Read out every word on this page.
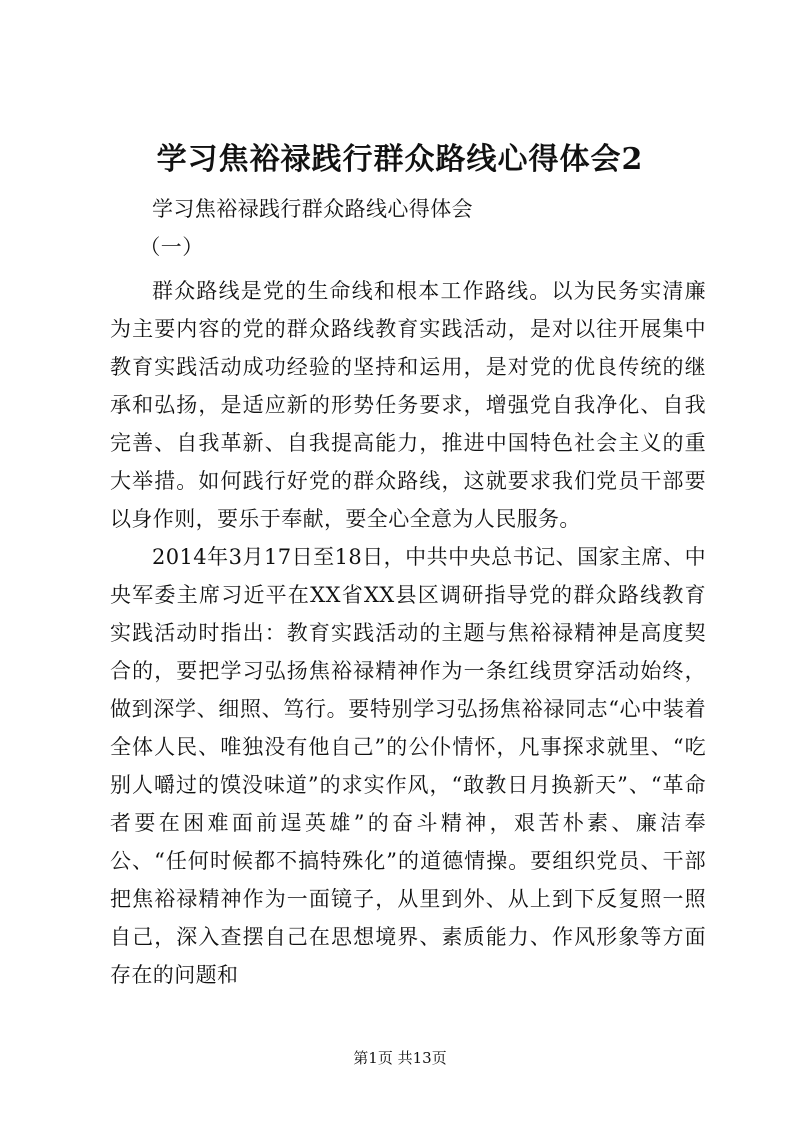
学习焦裕禄践行群众路线心得体会2

学习焦裕禄践行群众路线心得体会

（一）

群众路线是党的生命线和根本工作路线。以为民务实清廉为主要内容的党的群众路线教育实践活动，是对以往开展集中教育实践活动成功经验的坚持和运用，是对党的优良传统的继承和弘扬，是适应新的形势任务要求，增强党自我净化、自我完善、自我革新、自我提高能力，推进中国特色社会主义的重大举措。如何践行好党的群众路线，这就要求我们党员干部要以身作则，要乐于奉献，要全心全意为人民服务。

2014年3月17日至18日，中共中央总书记、国家主席、中央军委主席习近平在XX省XX县区调研指导党的群众路线教育实践活动时指出：教育实践活动的主题与焦裕禄精神是高度契合的，要把学习弘扬焦裕禄精神作为一条红线贯穿活动始终，做到深学、细照、笃行。要特别学习弘扬焦裕禄同志“心中装着全体人民、唯独没有他自己”的公仆情怀，凡事探求就里、“吃别人嚼过的馍没味道”的求实作风，“敢教日月换新天”、“革命者要在困难面前逞英雄”的奋斗精神，艰苦朴素、廉洁奉公、“任何时候都不搞特殊化”的道德情操。要组织党员、干部把焦裕禄精神作为一面镜子，从里到外、从上到下反复照一照自己，深入查摆自己在思想境界、素质能力、作风形象等方面存在的问题和

第1页 共13页
